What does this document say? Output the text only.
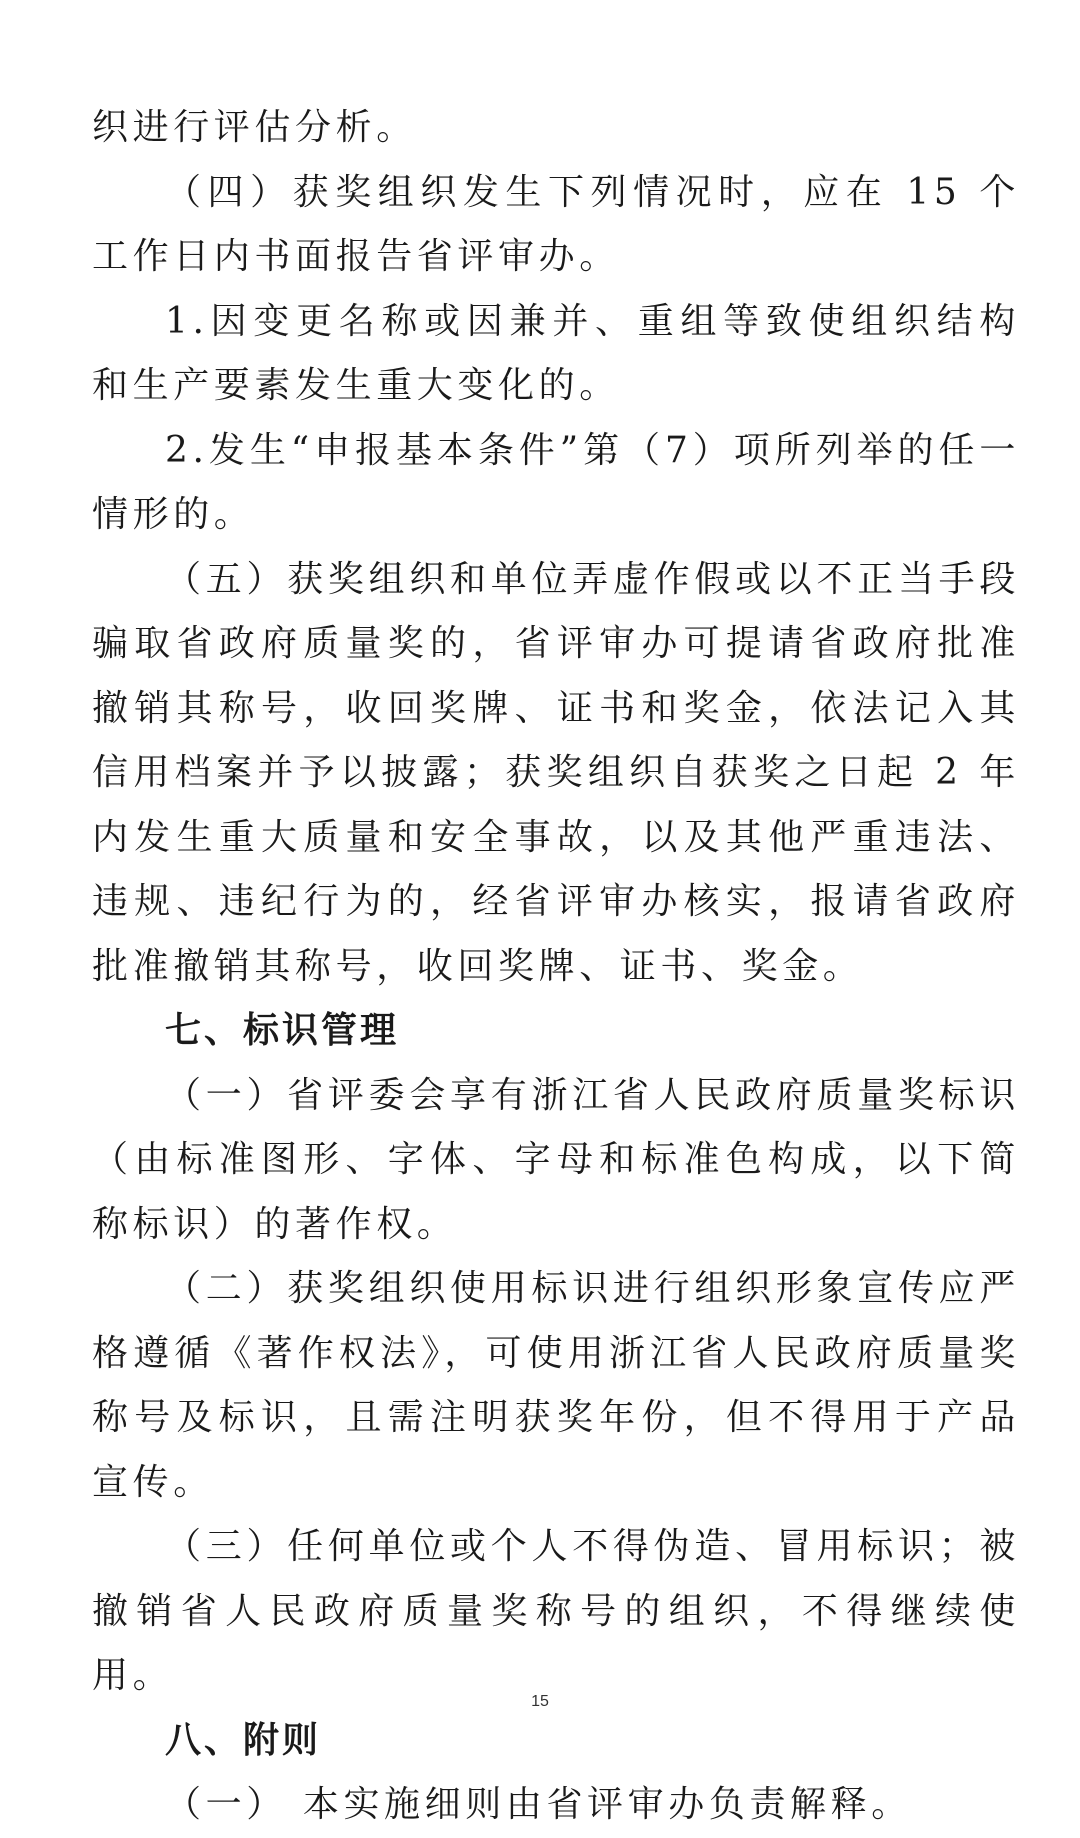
织进行评估分析。

（四）获奖组织发生下列情况时，应在 15 个工作日内书面报告省评审办。

1.因变更名称或因兼并、重组等致使组织结构和生产要素发生重大变化的。

2.发生“申报基本条件”第（7）项所列举的任一情形的。

（五）获奖组织和单位弄虚作假或以不正当手段骗取省政府质量奖的，省评审办可提请省政府批准撤销其称号，收回奖牌、证书和奖金，依法记入其信用档案并予以披露；获奖组织自获奖之日起 2 年内发生重大质量和安全事故，以及其他严重违法、违规、违纪行为的，经省评审办核实，报请省政府批准撤销其称号，收回奖牌、证书、奖金。

七、标识管理

（一）省评委会享有浙江省人民政府质量奖标识（由标准图形、字体、字母和标准色构成，以下简称标识）的著作权。

（二）获奖组织使用标识进行组织形象宣传应严格遵循《著作权法》，可使用浙江省人民政府质量奖称号及标识，且需注明获奖年份，但不得用于产品宣传。

（三）任何单位或个人不得伪造、冒用标识；被撤销省人民政府质量奖称号的组织，不得继续使用。

八、附则

（一） 本实施细则由省评审办负责解释。

15
